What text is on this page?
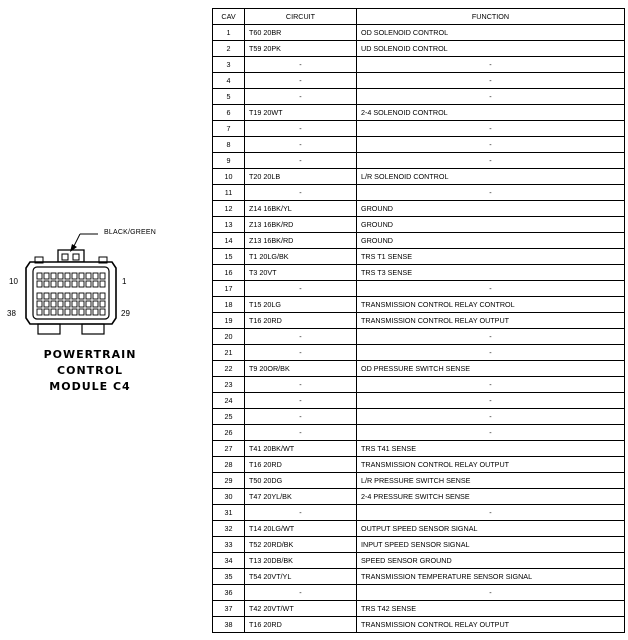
BLACK/GREEN
10	1
38	29
POWERTRAIN
CONTROL
MODULE C4
CAV	CIRCUIT	FUNCTION
1	T60 20BR	OD SOLENOID CONTROL
2	T59 20PK	UD SOLENOID CONTROL
3	-	-
4	-	-
5	-	-
6	T19 20WT	2-4 SOLENOID CONTROL
7	-	-
8	-	-
9	-	-
10	T20 20LB	L/R SOLENOID CONTROL
11	-	-
12	Z14 16BK/YL	GROUND
13	Z13 16BK/RD	GROUND
14	Z13 16BK/RD	GROUND
15	T1 20LG/BK	TRS T1 SENSE
16	T3 20VT	TRS T3 SENSE
17	-	-
18	T15 20LG	TRANSMISSION CONTROL RELAY CONTROL
19	T16 20RD	TRANSMISSION CONTROL RELAY OUTPUT
20	-	-
21	-	-
22	T9 20OR/BK	OD PRESSURE SWITCH SENSE
23	-	-
24	-	-
25	-	-
26	-	-
27	T41 20BK/WT	TRS T41 SENSE
28	T16 20RD	TRANSMISSION CONTROL RELAY OUTPUT
29	T50 20DG	L/R PRESSURE SWITCH SENSE
30	T47 20YL/BK	2-4 PRESSURE SWITCH SENSE
31	-	-
32	T14 20LG/WT	OUTPUT SPEED SENSOR SIGNAL
33	T52 20RD/BK	INPUT SPEED SENSOR SIGNAL
34	T13 20DB/BK	SPEED SENSOR GROUND
35	T54 20VT/YL	TRANSMISSION TEMPERATURE SENSOR SIGNAL
36	-	-
37	T42 20VT/WT	TRS T42 SENSE
38	T16 20RD	TRANSMISSION CONTROL RELAY OUTPUT
